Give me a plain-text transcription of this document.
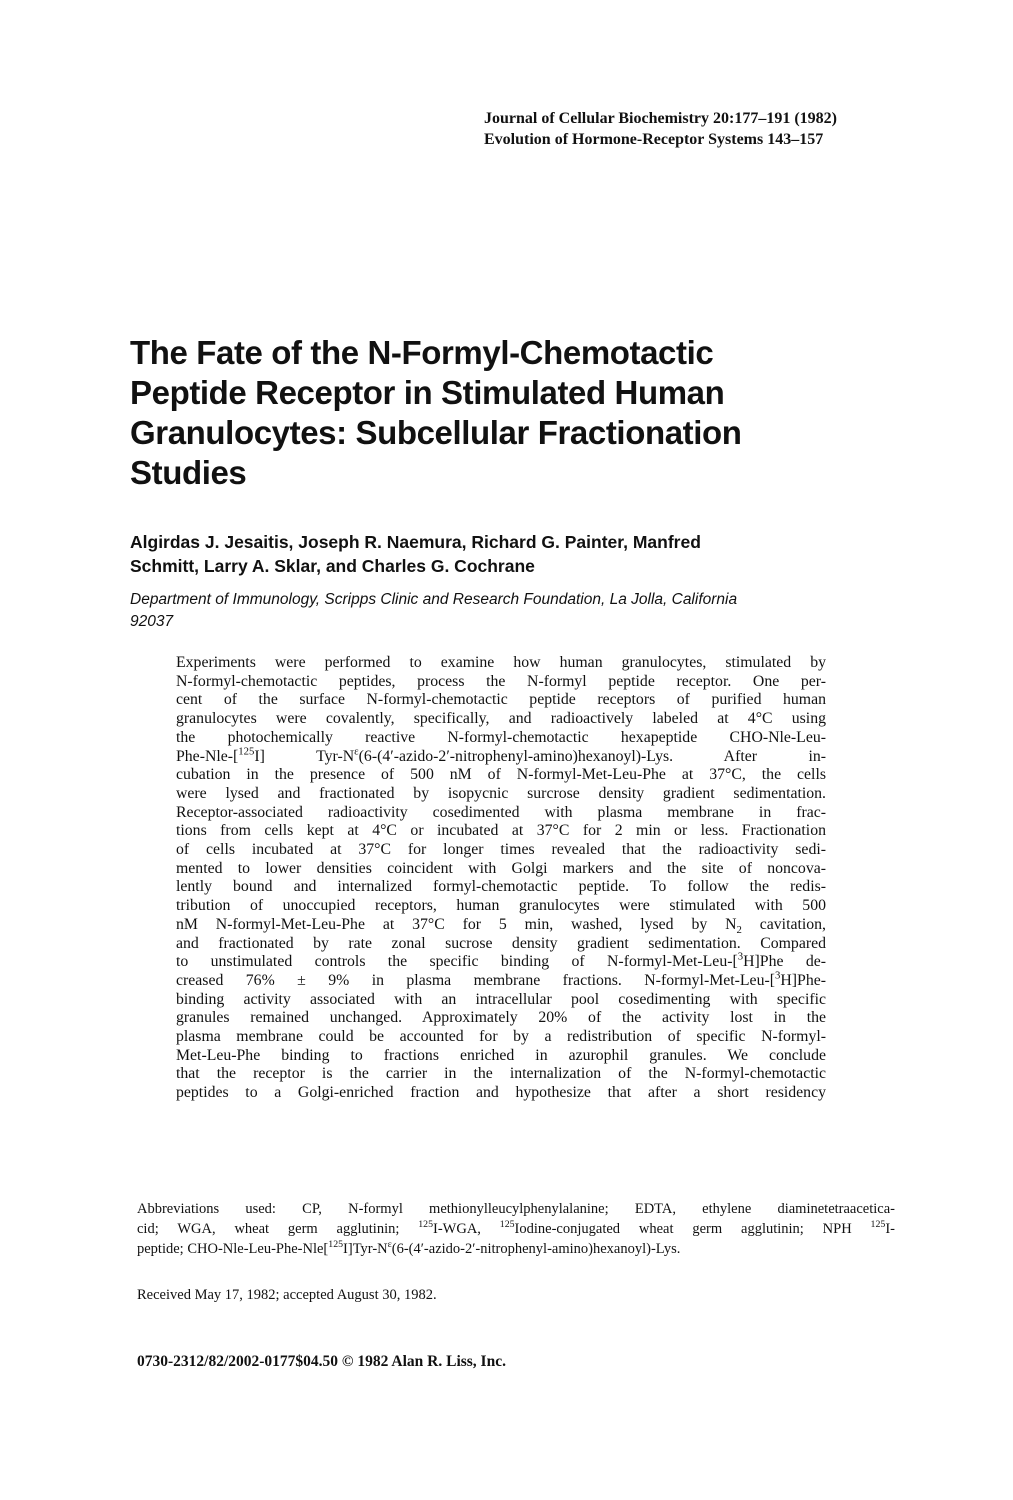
Journal of Cellular Biochemistry 20:177–191 (1982)
Evolution of Hormone-Receptor Systems 143–157
The Fate of the N-Formyl-Chemotactic
Peptide Receptor in Stimulated Human
Granulocytes: Subcellular Fractionation
Studies
Algirdas J. Jesaitis, Joseph R. Naemura, Richard G. Painter, Manfred
Schmitt, Larry A. Sklar, and Charles G. Cochrane
Department of Immunology, Scripps Clinic and Research Foundation, La Jolla, California
92037
Experiments were performed to examine how human granulocytes, stimulated by
N-formyl-chemotactic peptides, process the N-formyl peptide receptor. One per-
cent of the surface N-formyl-chemotactic peptide receptors of purified human
granulocytes were covalently, specifically, and radioactively labeled at 4°C using
the photochemically reactive N-formyl-chemotactic hexapeptide CHO-Nle-Leu-
Phe-Nle-[$^{125}$I] Tyr-$N^\varepsilon(6-(4'-azido-2'-nitrophenyl-amino)hexanoyl)$-Lys. After in-
cubation in the presence of 500 nM of N-formyl-Met-Leu-Phe at 37°C, the cells
were lysed and fractionated by isopycnic surcrose density gradient sedimentation.
Receptor-associated radioactivity cosedimented with plasma membrane in frac-
tions from cells kept at 4°C or incubated at 37°C for 2 min or less. Fractionation
of cells incubated at 37°C for longer times revealed that the radioactivity sedi-
mented to lower densities coincident with Golgi markers and the site of noncova-
lently bound and internalized formyl-chemotactic peptide. To follow the redis-
tribution of unoccupied receptors, human granulocytes were stimulated with 500
nM N-formyl-Met-Leu-Phe at 37°C for 5 min, washed, lysed by $N_2$ cavitation,
and fractionated by rate zonal sucrose density gradient sedimentation. Compared
to unstimulated controls the specific binding of N-formyl-Met-Leu-[$^3$H]Phe de-
creased 76% ± 9% in plasma membrane fractions. N-formyl-Met-Leu-[$^3$H]Phe-
binding activity associated with an intracellular pool cosedimenting with specific
granules remained unchanged. Approximately 20% of the activity lost in the
plasma membrane could be accounted for by a redistribution of specific N-formyl-
Met-Leu-Phe binding to fractions enriched in azurophil granules. We conclude
that the receptor is the carrier in the internalization of the N-formyl-chemotactic
peptides to a Golgi-enriched fraction and hypothesize that after a short residency
Abbreviations used: CP, N-formyl methionylleucylphenylalanine; EDTA, ethylene diaminetetraacetica-
cid; WGA, wheat germ agglutinin; $^{125}$I-WGA, $^{125}$Iodine-conjugated wheat germ agglutinin; NPH $^{125}$I-
peptide; CHO-$Nle-Leu-Phe-Nle[^{125}I]Tyr-N^\varepsilon(6-(4'-azido-2'-nitrophenyl-amino)hexanoyl)$-Lys.
Received May 17, 1982; accepted August 30, 1982.
0730-2312/82/2002-0177$04.50 © 1982 Alan R. Liss, Inc.
